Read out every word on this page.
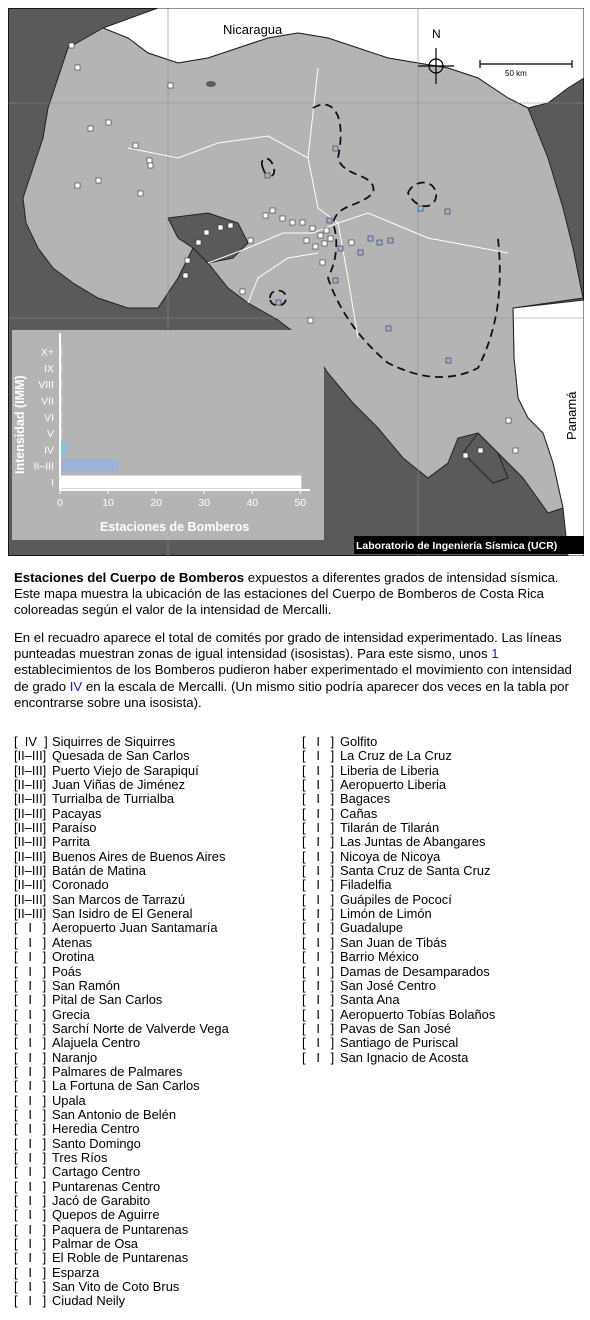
N
50 km
Nicaragua
Panamá
Laboratorio de Ingeniería Sísmica (UCR)
I
II–III
IV
V
VI
VII
VIII
IX
X+
0	10	20	30	40	50
Estaciones de Bomberos
Intensidad (IMM)
Estaciones del Cuerpo de Bomberos expuestos a diferentes grados de intensidad sísmica. Este mapa muestra la ubicación de las estaciones del Cuerpo de Bomberos de Costa Rica coloreadas según el valor de la intensidad de Mercalli.
En el recuadro aparece el total de comités por grado de intensidad experimentado. Las líneas punteadas muestran zonas de igual intensidad (isosistas). Para este sismo, unos 1 establecimientos de los Bomberos pudieron haber experimentado el movimiento con intensidad de grado IV en la escala de Mercalli. (Un mismo sitio podría aparecer dos veces en la tabla por encontrarse sobre una isosista).
[  IV  ] Siquirres de Siquirres
[II–III] Quesada de San Carlos
[II–III] Puerto Viejo de Sarapiquí
[II–III] Juan Viñas de Jiménez
[II–III] Turrialba de Turrialba
[II–III] Pacayas
[II–III] Paraíso
[II–III] Parrita
[II–III] Buenos Aires de Buenos Aires
[II–III] Batán de Matina
[II–III] Coronado
[II–III] San Marcos de Tarrazú
[II–III] San Isidro de El General
[   I   ] Aeropuerto Juan Santamaría
[   I   ] Atenas
[   I   ] Orotina
[   I   ] Poás
[   I   ] San Ramón
[   I   ] Pital de San Carlos
[   I   ] Grecia
[   I   ] Sarchí Norte de Valverde Vega
[   I   ] Alajuela Centro
[   I   ] Naranjo
[   I   ] Palmares de Palmares
[   I   ] La Fortuna de San Carlos
[   I   ] Upala
[   I   ] San Antonio de Belén
[   I   ] Heredia Centro
[   I   ] Santo Domingo
[   I   ] Tres Ríos
[   I   ] Cartago Centro
[   I   ] Puntarenas Centro
[   I   ] Jacó de Garabito
[   I   ] Quepos de Aguirre
[   I   ] Paquera de Puntarenas
[   I   ] Palmar de Osa
[   I   ] El Roble de Puntarenas
[   I   ] Esparza
[   I   ] San Vito de Coto Brus
[   I   ] Ciudad Neily
[   I   ] Golfito
[   I   ] La Cruz de La Cruz
[   I   ] Liberia de Liberia
[   I   ] Aeropuerto Liberia
[   I   ] Bagaces
[   I   ] Cañas
[   I   ] Tilarán de Tilarán
[   I   ] Las Juntas de Abangares
[   I   ] Nicoya de Nicoya
[   I   ] Santa Cruz de Santa Cruz
[   I   ] Filadelfia
[   I   ] Guápiles de Pococí
[   I   ] Limón de Limón
[   I   ] Guadalupe
[   I   ] San Juan de Tibás
[   I   ] Barrio México
[   I   ] Damas de Desamparados
[   I   ] San José Centro
[   I   ] Santa Ana
[   I   ] Aeropuerto Tobías Bolaños
[   I   ] Pavas de San José
[   I   ] Santiago de Puriscal
[   I   ] San Ignacio de Acosta
